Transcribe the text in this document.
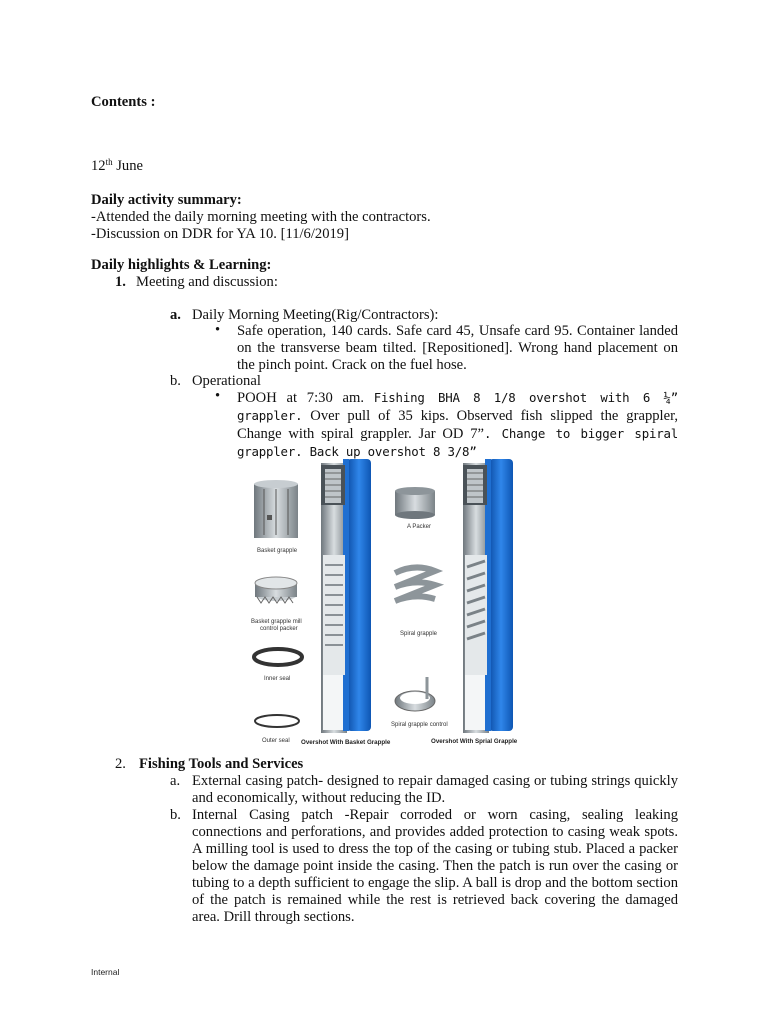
Contents :
12th June
Daily activity summary:
-Attended the daily morning meeting with the contractors.
-Discussion on DDR for YA 10. [11/6/2019]
Daily highlights & Learning:
1. Meeting and discussion:
a. Daily Morning Meeting(Rig/Contractors):
• Safe operation, 140 cards. Safe card 45, Unsafe card 95. Container landed on the transverse beam tilted. [Repositioned]. Wrong hand placement on the pinch point. Crack on the fuel hose.
b. Operational
• POOH at 7:30 am. Fishing BHA 8 1/8 overshot with 6 ¼” grappler. Over pull of 35 kips. Observed fish slipped the grappler, Change with spiral grappler. Jar OD 7”. Change to bigger spiral grappler. Back up overshot 8 3/8”
Basket grapple
Basket grapple mill
control packer
Inner seal
Outer seal
A Packer
Spiral grapple
Spiral grapple control
Overshot With Basket Grapple	Overshot With Sprial Grapple
2. Fishing Tools and Services
a. External casing patch- designed to repair damaged casing or tubing strings quickly and economically, without reducing the ID.
b. Internal Casing patch -Repair corroded or worn casing, sealing leaking connections and perforations, and provides added protection to casing weak spots. A milling tool is used to dress the top of the casing or tubing stub. Placed a packer below the damage point inside the casing. Then the patch is run over the casing or tubing to a depth sufficient to engage the slip. A ball is drop and the bottom section of the patch is remained while the rest is retrieved back covering the damaged area. Drill through sections.
Internal
